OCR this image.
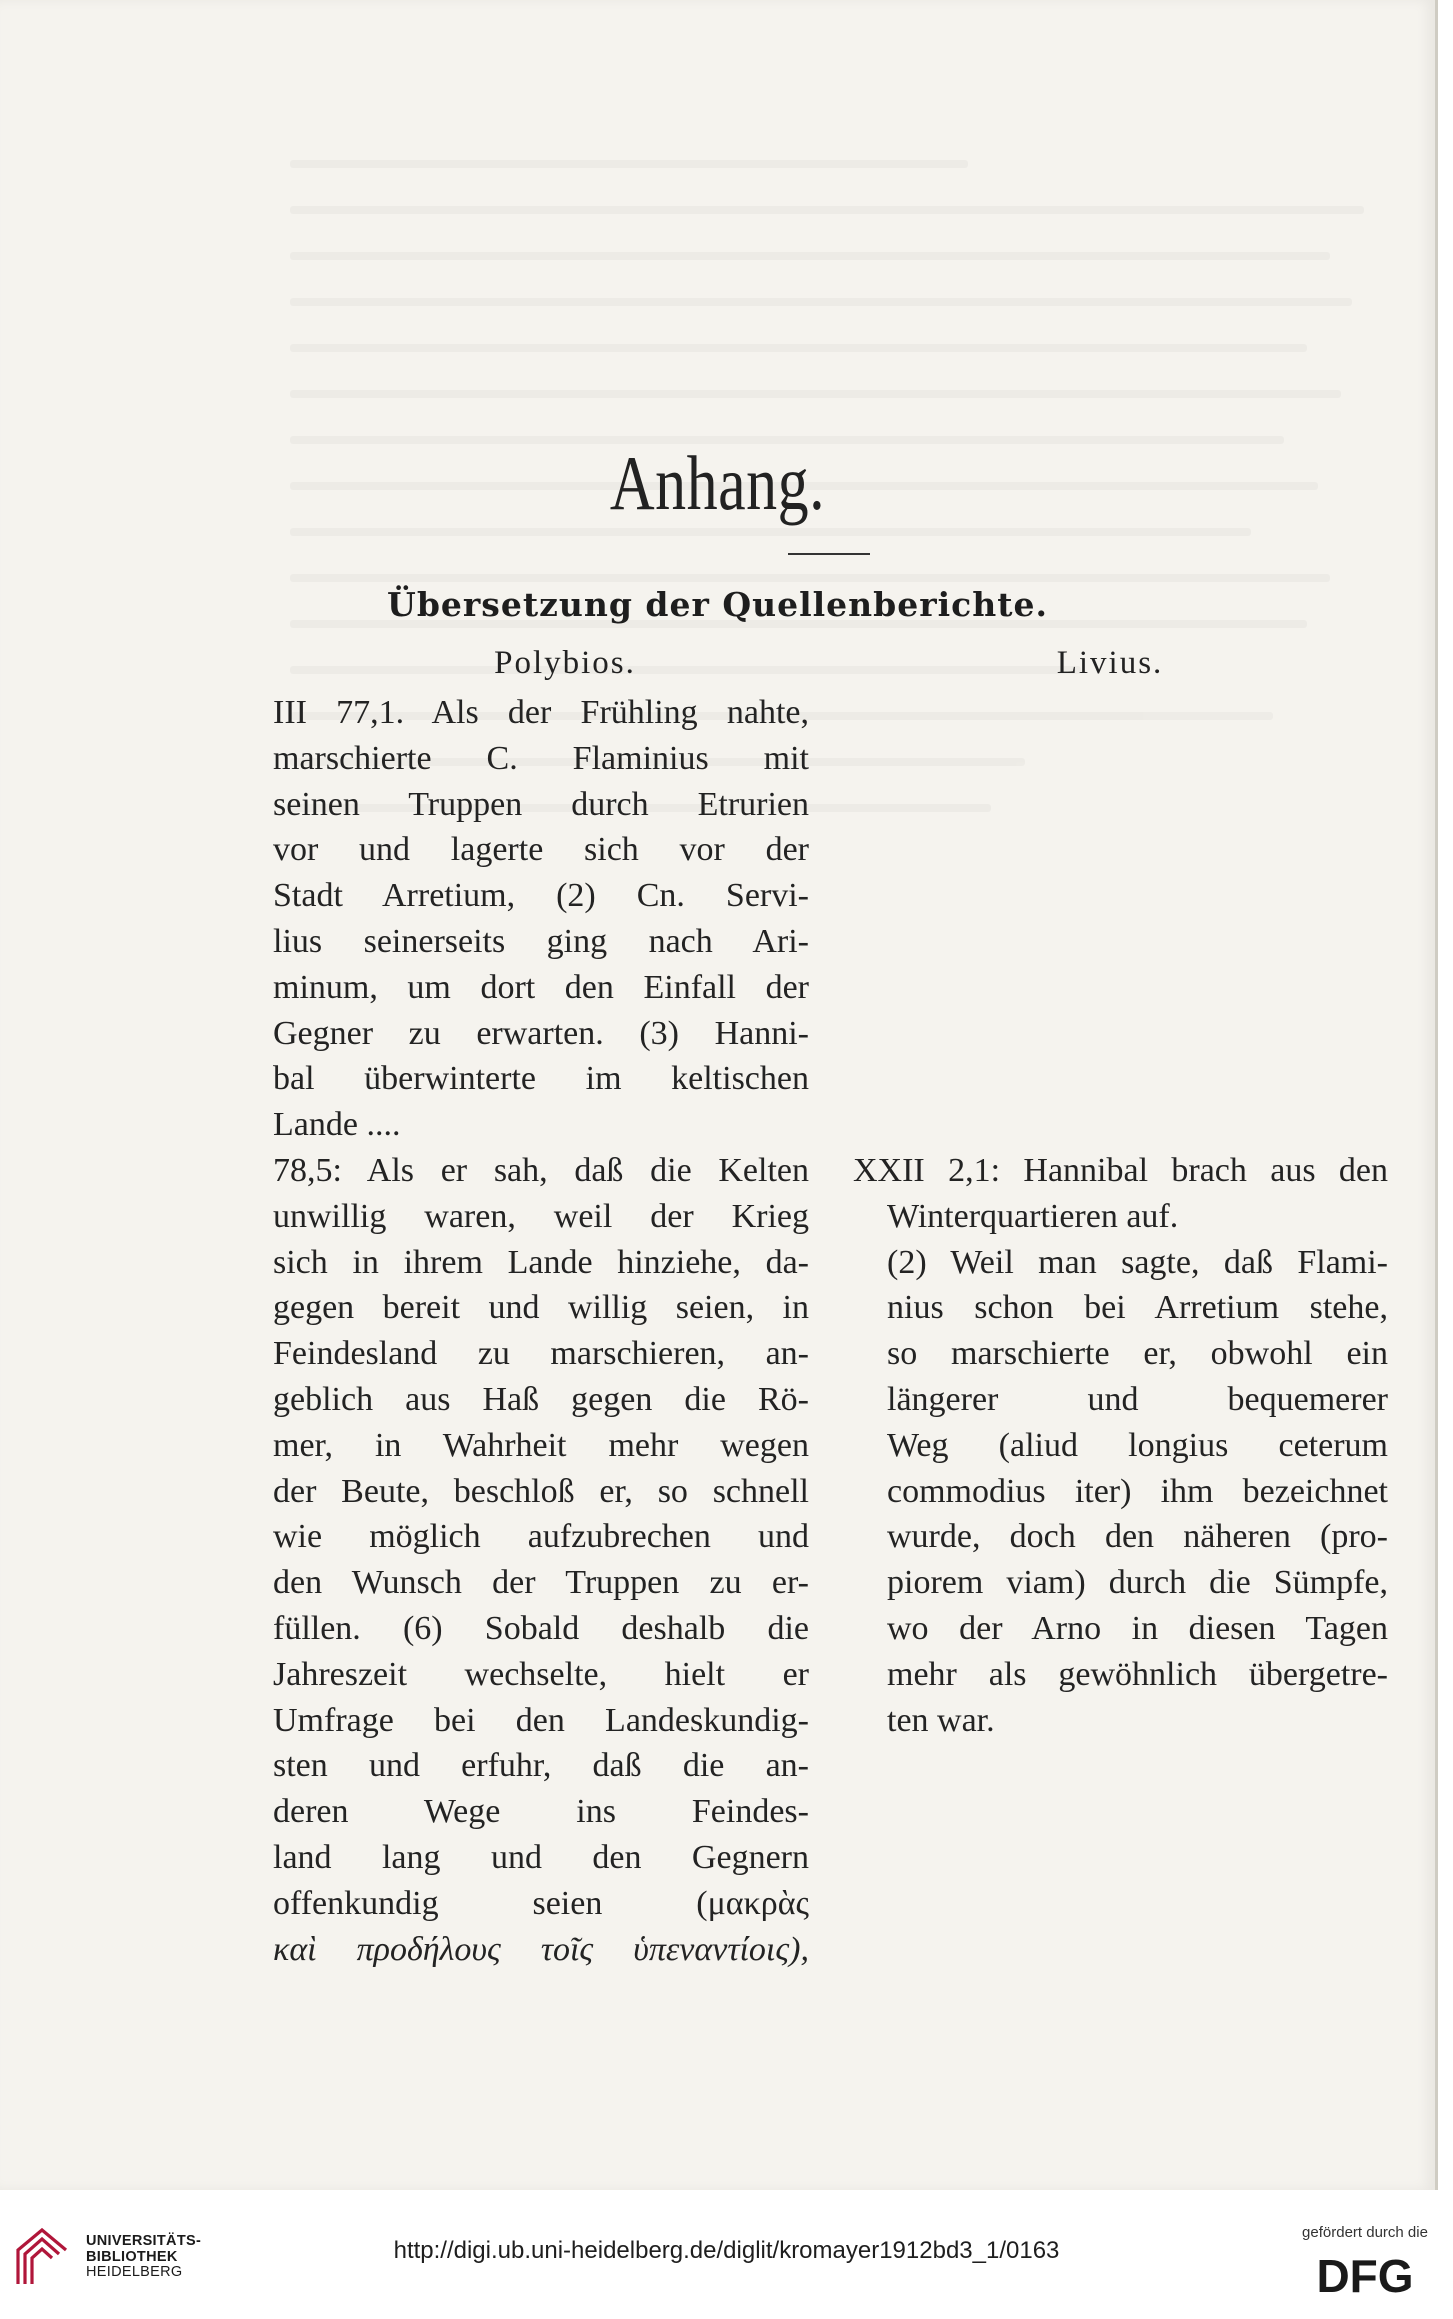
Anhang.
Übersetzung der Quellenberichte.
Polybios.	Livius.
III 77,1. Als der Frühling nahte,
marschierte C. Flaminius mit
seinen Truppen durch Etrurien
vor und lagerte sich vor der
Stadt Arretium, (2) Cn. Servi-
lius seinerseits ging nach Ari-
minum, um dort den Einfall der
Gegner zu erwarten. (3) Hanni-
bal überwinterte im keltischen
Lande ....
78,5: Als er sah, daß die Kelten
unwillig waren, weil der Krieg
sich in ihrem Lande hinziehe, da-
gegen bereit und willig seien, in
Feindesland zu marschieren, an-
geblich aus Haß gegen die Rö-
mer, in Wahrheit mehr wegen
der Beute, beschloß er, so schnell
wie möglich aufzubrechen und
den Wunsch der Truppen zu er-
füllen. (6) Sobald deshalb die
Jahreszeit wechselte, hielt er
Umfrage bei den Landeskundig-
sten und erfuhr, daß die an-
deren Wege ins Feindes-
land lang und den Gegnern
offenkundig seien (μακρὰς
καὶ προδήλους τοῖς ὑπεναντίοις),
XXII 2,1: Hannibal brach aus den
Winterquartieren auf.
(2) Weil man sagte, daß Flami-
nius schon bei Arretium stehe,
so marschierte er, obwohl ein
längerer und bequemerer
Weg (aliud longius ceterum
commodius iter) ihm bezeichnet
wurde, doch den näheren (pro-
piorem viam) durch die Sümpfe,
wo der Arno in diesen Tagen
mehr als gewöhnlich übergetre-
ten war.
UNIVERSITÄTS-
BIBLIOTHEK
HEIDELBERG
http://digi.ub.uni-heidelberg.de/diglit/kromayer1912bd3_1/0163
gefördert durch die
DFG
